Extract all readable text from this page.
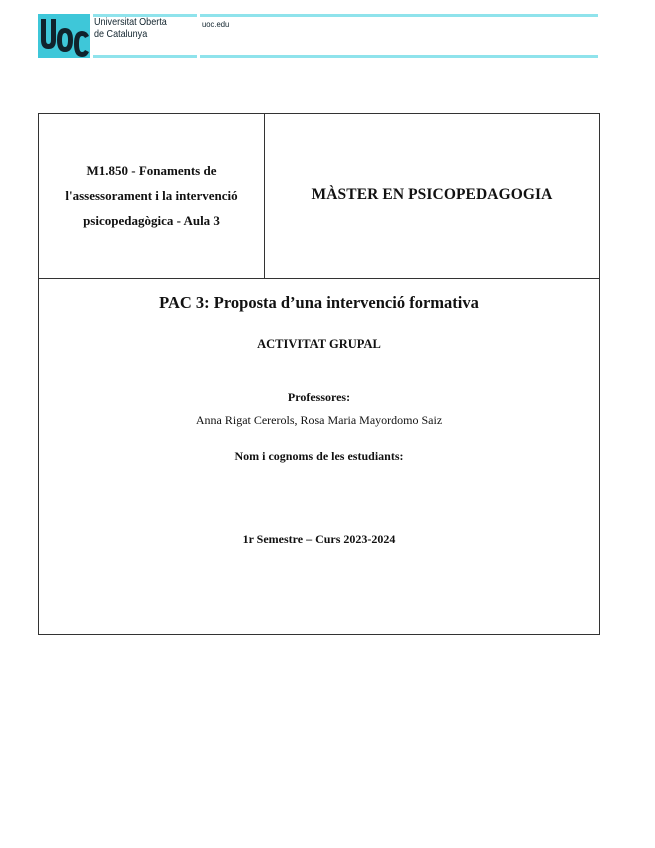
Universitat Oberta
de Catalunya
uoc.edu
M1.850 - Fonaments de
l'assessorament i la intervenció
psicopedagògica - Aula 3
MÀSTER EN PSICOPEDAGOGIA
PAC 3: Proposta d’una intervenció formativa
ACTIVITAT GRUPAL
Professores:
Anna Rigat Cererols, Rosa Maria Mayordomo Saiz
Nom i cognoms de les estudiants:
1r Semestre – Curs 2023-2024
